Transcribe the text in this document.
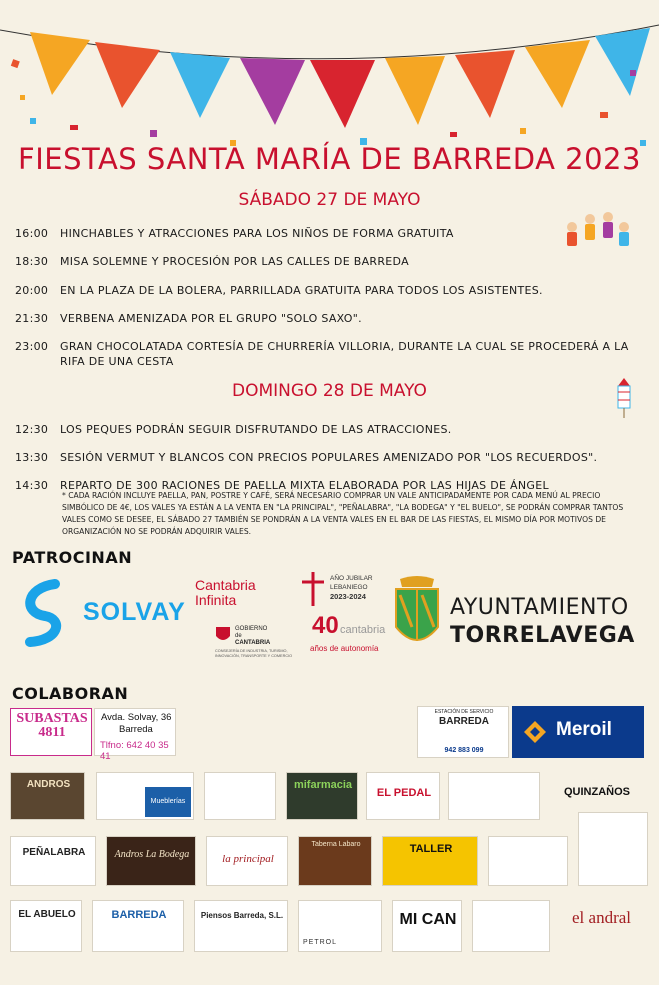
FIESTAS SANTA MARÍA DE BARREDA 2023
SÁBADO 27 DE MAYO
16:00	HINCHABLES Y ATRACCIONES PARA LOS NIÑOS DE FORMA GRATUITA
18:30	MISA SOLEMNE Y PROCESIÓN POR LAS CALLES DE BARREDA
20:00	EN LA PLAZA DE LA BOLERA, PARRILLADA GRATUITA PARA TODOS LOS ASISTENTES.
21:30	VERBENA AMENIZADA POR EL GRUPO "SOLO SAXO".
23:00	GRAN CHOCOLATADA CORTESÍA DE CHURRERÍA VILLORIA, DURANTE LA CUAL SE PROCEDERÁ A LA RIFA DE UNA CESTA
DOMINGO 28 DE MAYO
12:30	LOS PEQUES PODRÁN SEGUIR DISFRUTANDO DE LAS ATRACCIONES.
13:30	SESIÓN VERMUT Y BLANCOS CON PRECIOS POPULARES AMENIZADO POR "LOS RECUERDOS".
14:30	REPARTO DE 300 RACIONES DE PAELLA MIXTA ELABORADA POR LAS HIJAS DE ÁNGEL
* CADA RACIÓN INCLUYE PAELLA, PAN, POSTRE Y CAFÉ, SERÁ NECESARIO COMPRAR UN VALE ANTICIPADAMENTE POR CADA MENÚ AL PRECIO SIMBÓLICO DE 4€, LOS VALES YA ESTÁN A LA VENTA EN "LA PRINCIPAL", "PEÑALABRA", "LA BODEGA" Y "EL BUELO", SE PODRÁN COMPRAR TANTOS VALES COMO SE DESEE, EL SÁBADO 27 TAMBIÉN SE PONDRÁN A LA VENTA VALES EN EL BAR DE LAS FIESTAS, EL MISMO DÍA POR MOTIVOS DE ORGANIZACIÓN NO SE PODRÁN ADQUIRIR VALES.
PATROCINAN
SOLVAY
Cantabria Infinita
AÑO JUBILAR
LEBANIEGO
2023-2024
GOBIERNO
de
CANTABRIA
CONSEJERÍA DE INDUSTRIA, TURISMO, INNOVACIÓN, TRANSPORTE Y COMERCIO
40 cantabria
años de autonomía
AYUNTAMIENTO
TORRELAVEGA
COLABORAN
SUBASTAS 4811
Avda. Solvay, 36
Barreda
Tlfno: 642 40 35 41
ESTACIÓN DE SERVICIO
BARREDA
942 883 099
Meroil
ANDROS
Mueblerías
mifarmacia
EL PEDAL	QUINZAÑOS
PEÑALABRA	Andros La Bodega	la principal
Taberna Labaro	TALLER
EL ABUELO	BARREDA	Piensos Barreda, S.L.
PETROL
MI CAN	el andral
